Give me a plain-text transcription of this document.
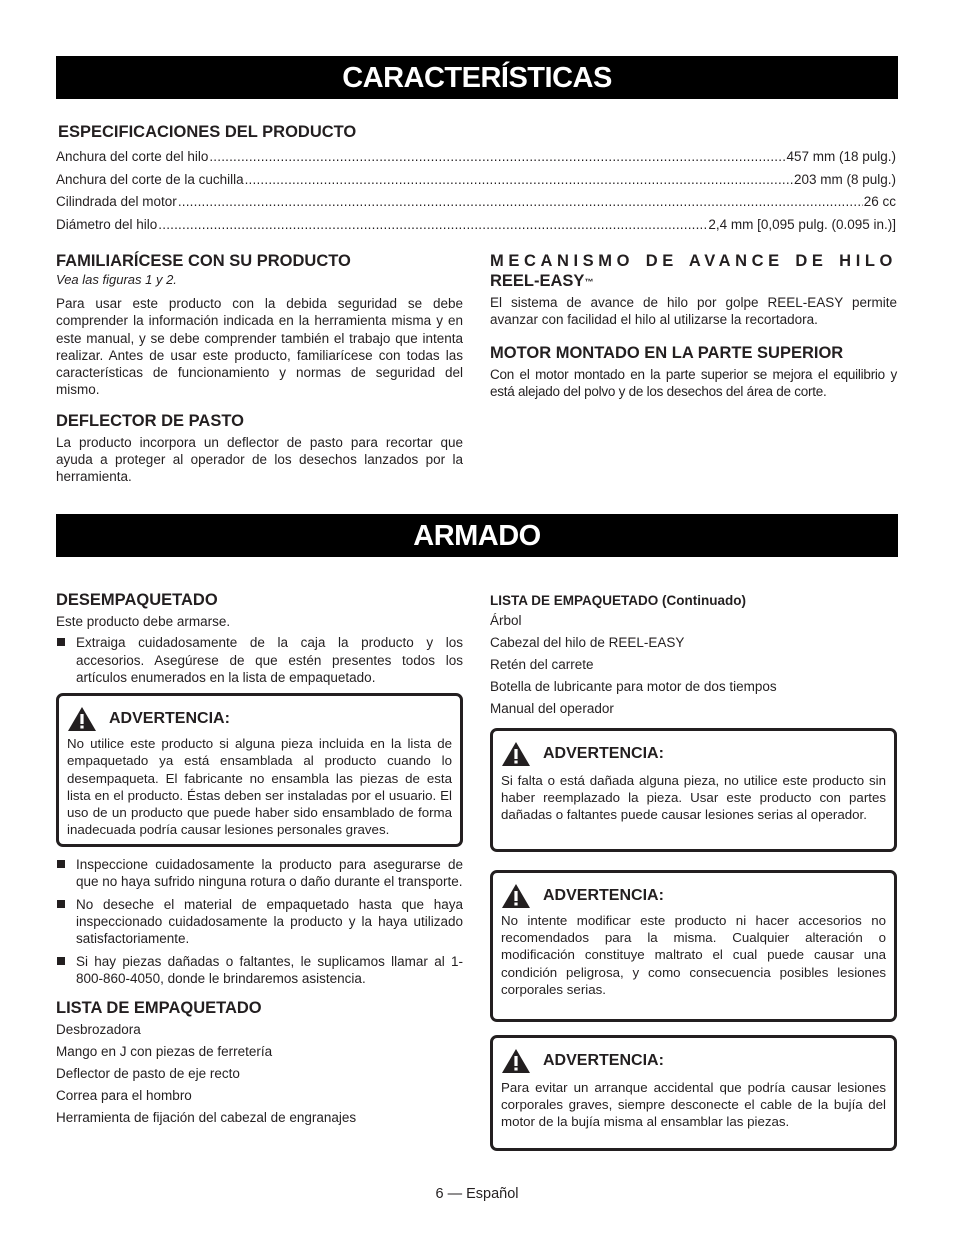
CARACTERÍSTICAS
ARMADO

ESPECIFICACIONES DEL PRODUCTO

Anchura del corte del hilo .....	457 mm (18 pulg.)
Anchura del corte de la cuchilla .....	203 mm (8 pulg.)
Cilindrada del motor .....	26 cc
Diámetro del hilo .....	2,4 mm [0,095 pulg. (0.095 in.)]

FAMILIARÍCESE CON SU PRODUCTO

Vea las figuras 1 y 2.

Para usar este producto con la debida seguridad se debe comprender la información indicada en la herramienta misma y en este manual, y se debe comprender también el trabajo que intenta realizar. Antes de usar este producto, familiarícese con todas las características de funcionamiento y normas de seguridad del mismo.

DEFLECTOR DE PASTO

La producto incorpora un deflector de pasto para recortar que ayuda a proteger al operador de los desechos lanzados por la herramienta.

MECANISMO DE AVANCE DE HILO

REEL-EASY™

El sistema de avance de hilo por golpe REEL-EASY permite avanzar con facilidad el hilo al utilizarse la recortadora.

MOTOR MONTADO EN LA PARTE SUPERIOR

Con el motor montado en la parte superior se mejora el equilibrio y está alejado del polvo y de los desechos del área de corte.

DESEMPAQUETADO

Este producto debe armarse.

Extraiga cuidadosamente de la caja la producto y los accesorios. Asegúrese de que estén presentes todos los artículos enumerados en la lista de empaquetado.
ADVERTENCIA:

No utilice este producto si alguna pieza incluida en la lista de empaquetado ya está ensamblada al producto cuando lo desempaqueta. El fabricante no ensambla las piezas de esta lista en el producto. Éstas deben ser instaladas por el usuario. El uso de un producto que puede haber sido ensamblado de forma inadecuada podría causar lesiones personales graves.

Inspeccione cuidadosamente la producto para asegurarse de que no haya sufrido ninguna rotura o daño durante el transporte.
No deseche el material de empaquetado hasta que haya inspeccionado cuidadosamente la producto y la haya utilizado satisfactoriamente.
Si hay piezas dañadas o faltantes, le suplicamos llamar al 1-800-860-4050, donde le brindaremos asistencia.

LISTA DE EMPAQUETADO

Desbrozadora

Mango en J con piezas de ferretería

Deflector de pasto de eje recto

Correa para el hombro

Herramienta de fijación del cabezal de engranajes

LISTA DE EMPAQUETADO (Continuado)

Árbol

Cabezal del hilo de REEL-EASY

Retén del carrete

Botella de lubricante para motor de dos tiempos

Manual del operador

ADVERTENCIA:

Si falta o está dañada alguna pieza, no utilice este producto sin haber reemplazado la pieza. Usar este producto con partes dañadas o faltantes puede causar lesiones serias al operador.

ADVERTENCIA:

No intente modificar este producto ni hacer accesorios no recomendados para la misma. Cualquier alteración o modificación constituye maltrato el cual puede causar una condición peligrosa, y como consecuencia posibles lesiones corporales serias.

ADVERTENCIA:

Para evitar un arranque accidental que podría causar lesiones corporales graves, siempre desconecte el cable de la bujía del motor de la bujía misma al ensamblar las piezas.

6 — Español
